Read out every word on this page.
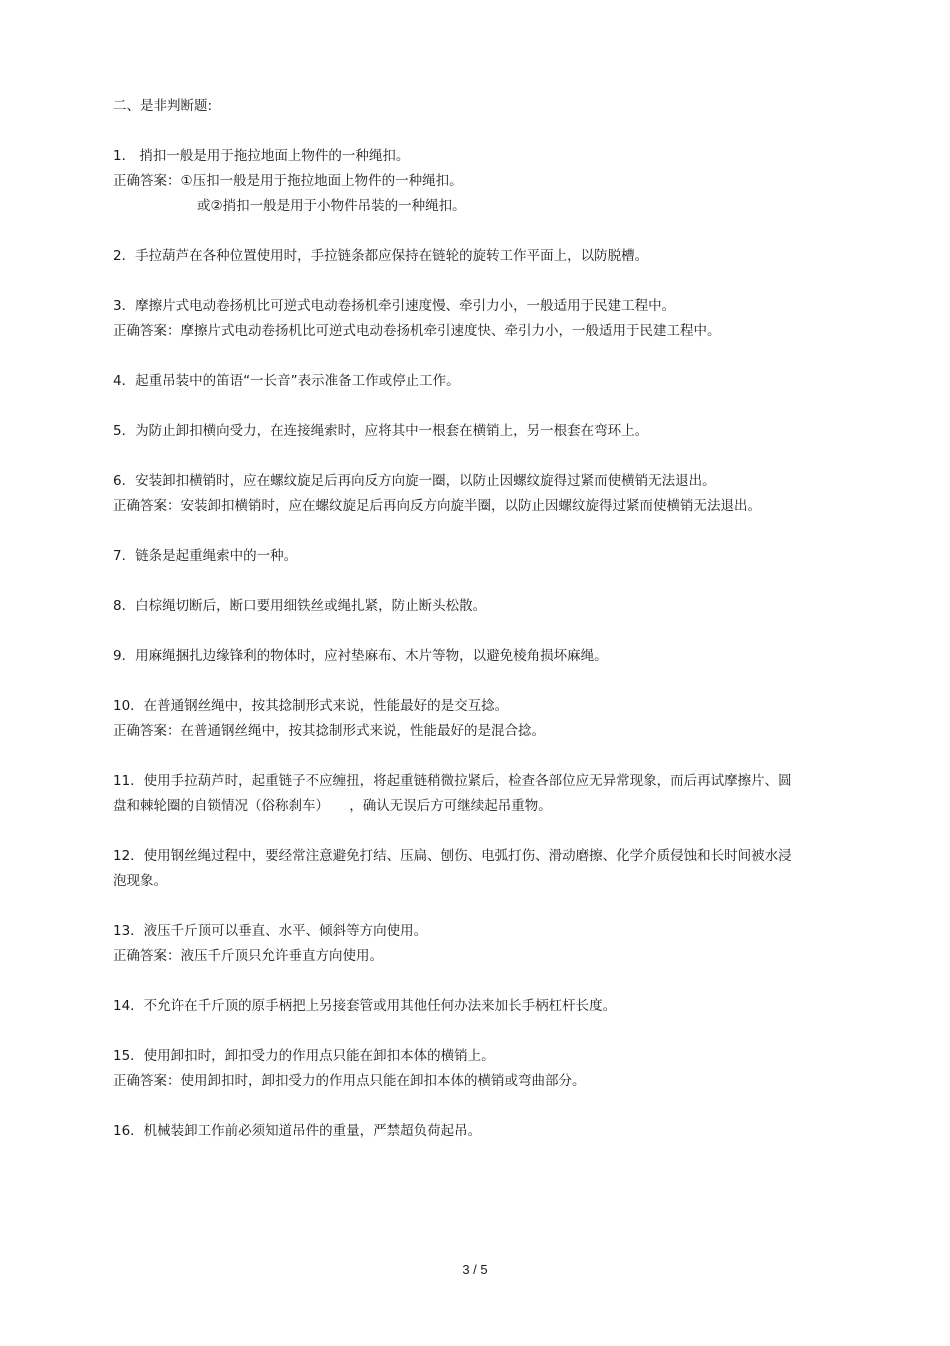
二、是非判断题:
1． 捎扣一般是用于拖拉地面上物件的一种绳扣。
正确答案：①压扣一般是用于拖拉地面上物件的一种绳扣。
或②捎扣一般是用于小物件吊装的一种绳扣。
2．手拉葫芦在各种位置使用时，手拉链条都应保持在链轮的旋转工作平面上，以防脱槽。
3．摩擦片式电动卷扬机比可逆式电动卷扬机牵引速度慢、牵引力小，一般适用于民建工程中。
正确答案：摩擦片式电动卷扬机比可逆式电动卷扬机牵引速度快、牵引力小，一般适用于民建工程中。
4．起重吊装中的笛语“一长音”表示准备工作或停止工作。
5．为防止卸扣横向受力，在连接绳索时，应将其中一根套在横销上，另一根套在弯环上。
6．安装卸扣横销时，应在螺纹旋足后再向反方向旋一圈，以防止因螺纹旋得过紧而使横销无法退出。
正确答案：安装卸扣横销时，应在螺纹旋足后再向反方向旋半圈，以防止因螺纹旋得过紧而使横销无法退出。
7．链条是起重绳索中的一种。
8．白棕绳切断后，断口要用细铁丝或绳扎紧，防止断头松散。
9．用麻绳捆扎边缘锋利的物体时，应衬垫麻布、木片等物，以避免棱角损坏麻绳。
10．在普通钢丝绳中，按其捻制形式来说，性能最好的是交互捻。
正确答案：在普通钢丝绳中，按其捻制形式来说，性能最好的是混合捻。
11．使用手拉葫芦时，起重链子不应缠扭，将起重链稍微拉紧后，检查各部位应无异常现象，而后再试摩擦片、圆盘和棘轮圈的自锁情况（俗称刹车）　　，确认无误后方可继续起吊重物。
12．使用钢丝绳过程中，要经常注意避免打结、压扁、刨伤、电弧打伤、滑动磨擦、化学介质侵蚀和长时间被水浸泡现象。
13．液压千斤顶可以垂直、水平、倾斜等方向使用。
正确答案：液压千斤顶只允许垂直方向使用。
14．不允许在千斤顶的原手柄把上另接套管或用其他任何办法来加长手柄杠杆长度。
15．使用卸扣时，卸扣受力的作用点只能在卸扣本体的横销上。
正确答案：使用卸扣时，卸扣受力的作用点只能在卸扣本体的横销或弯曲部分。
16．机械装卸工作前必须知道吊件的重量，严禁超负荷起吊。
3 / 5
